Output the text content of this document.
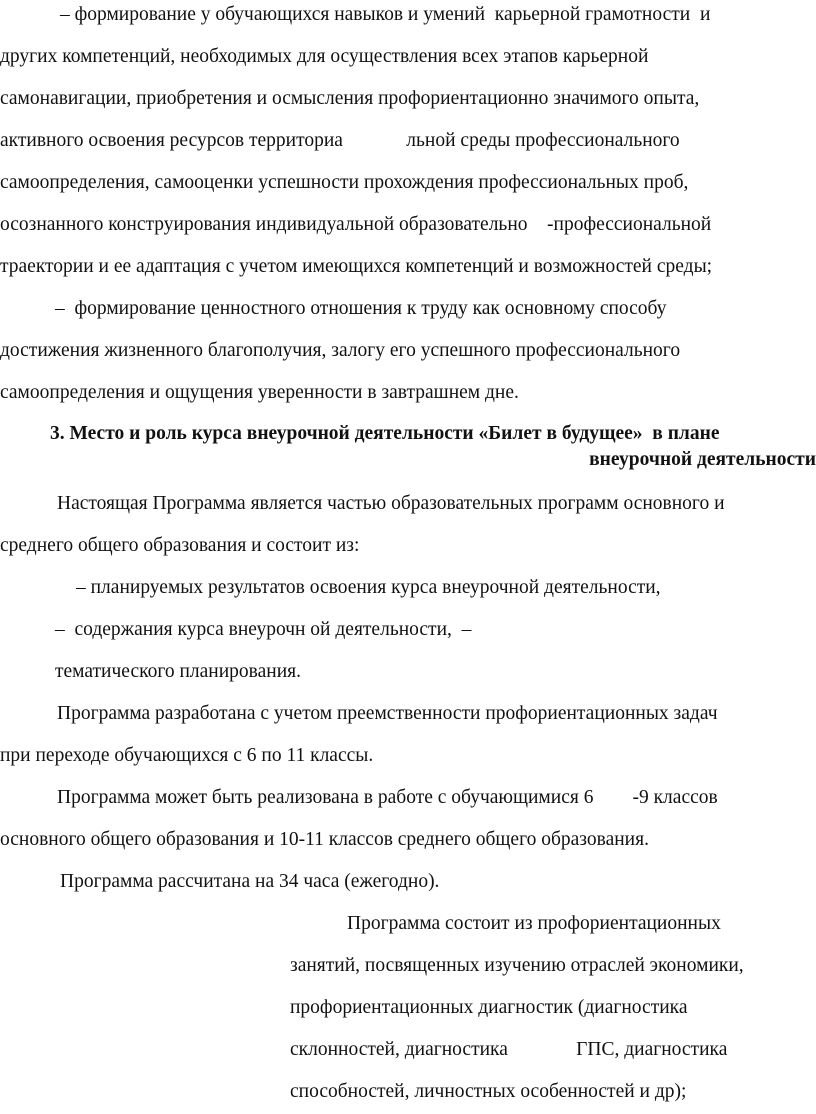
– формирование у обучающихся навыков и умений  карьерной грамотности  и
других компетенций, необходимых для осуществления всех этапов карьерной
самонавигации, приобретения и осмысления профориентационно значимого опыта,
активного освоения ресурсов территориа             льной среды профессионального
самоопределения, самооценки успешности прохождения профессиональных проб,
осознанного конструирования индивидуальной образовательно    -профессиональной
траектории и ее адаптация с учетом имеющихся компетенций и возможностей среды;
–  формирование ценностного отношения к труду как основному способу
достижения жизненного благополучия, залогу его успешного профессионального
самоопределения и ощущения уверенности в завтрашнем дне.
3. Место и роль курса внеурочной деятельности «Билет в будущее»  в плане
внеурочной деятельности
Настоящая Программа является частью образовательных программ основного и
среднего общего образования и состоит из:
– планируемых результатов освоения курса внеурочной деятельности,
–  содержания курса внеурочн ой деятельности,  –
тематического планирования.
Программа разработана с учетом преемственности профориентационных задач
при переходе обучающихся с 6 по 11 классы.
Программа может быть реализована в работе с обучающимися 6        -9 классов
основного общего образования и 10-11 классов среднего общего образования.
Программа рассчитана на 34 часа (ежегодно).
Программа состоит из профориентационных
занятий, посвященных изучению отраслей экономики,
профориентационных диагностик (диагностика
склонностей, диагностика              ГПС, диагностика
способностей, личностных особенностей и др);
